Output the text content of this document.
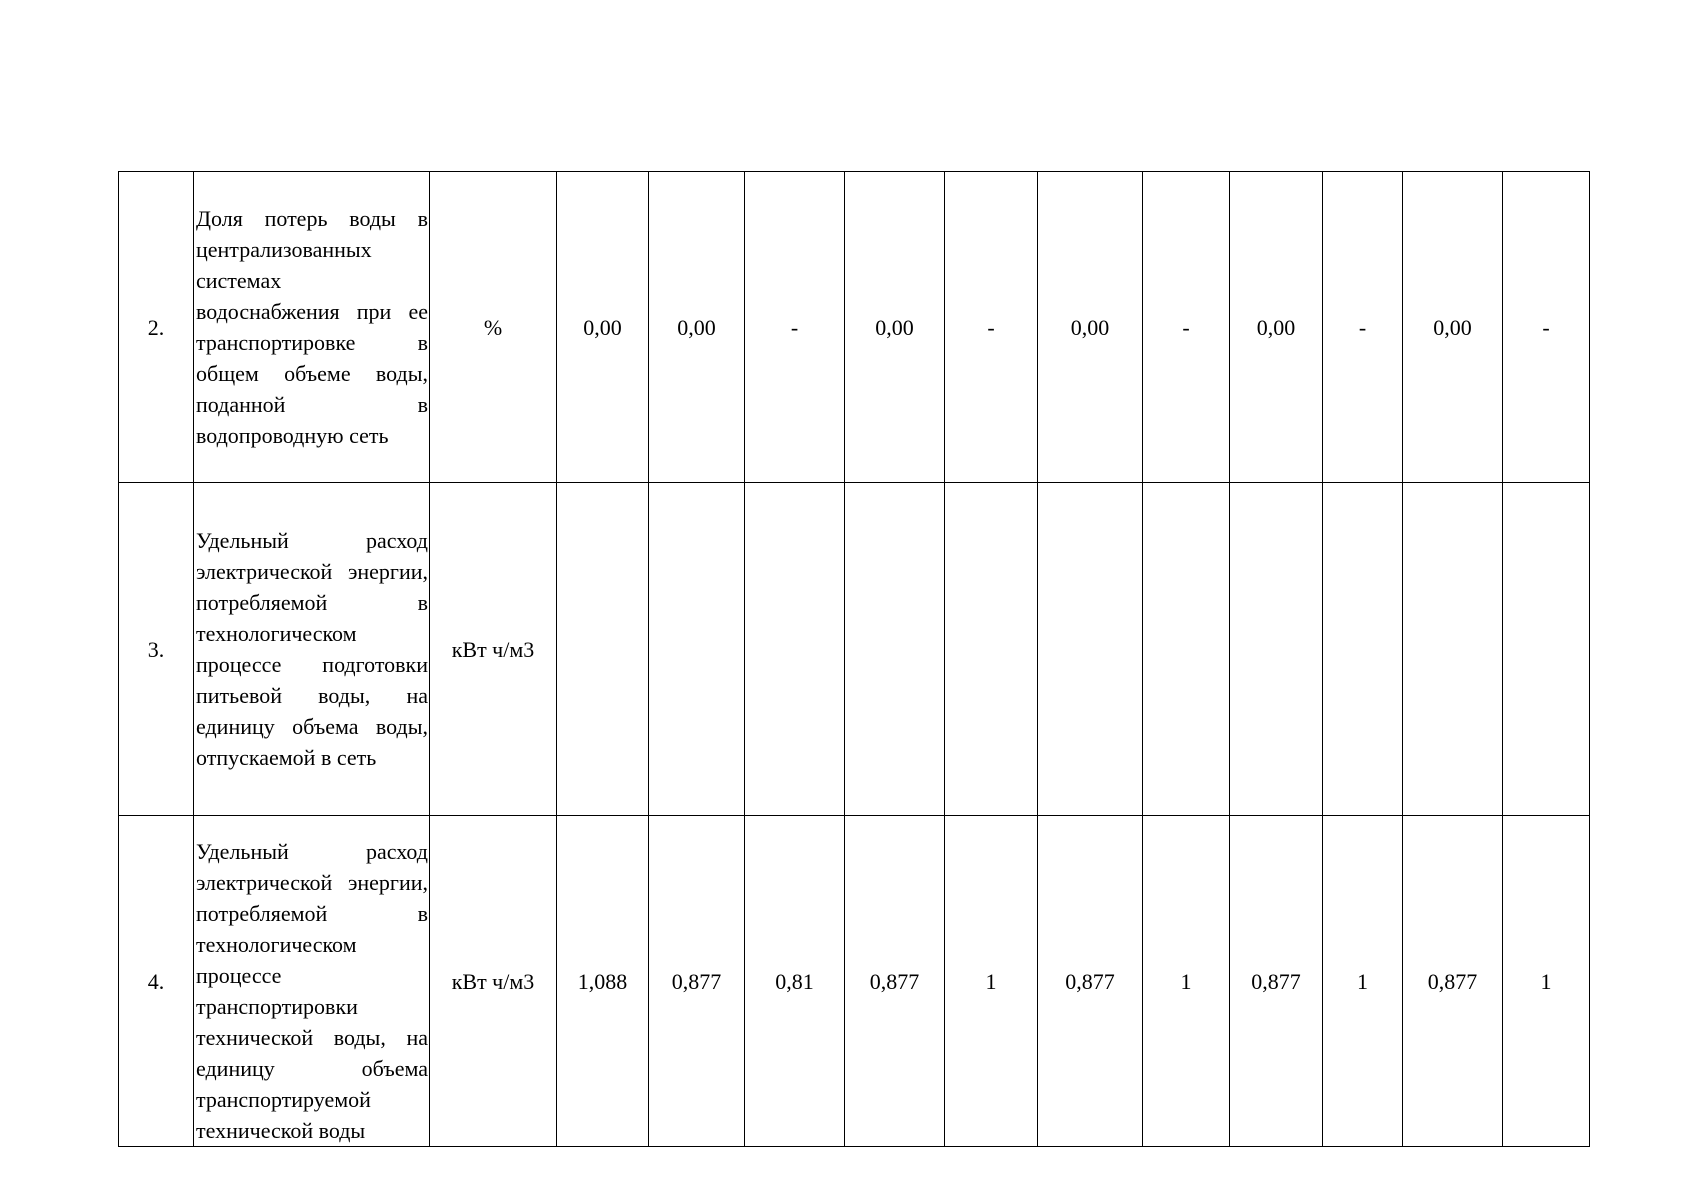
2.	Доля потерь воды в централизованных системах водоснабжения при ее транспортировке в общем объеме воды, поданной в водопроводную сеть	%	0,00	0,00	-	0,00	-	0,00	-	0,00	-	0,00	-
3.	Удельный расход электрической энергии, потребляемой в технологическом процессе подготовки питьевой воды, на единицу объема воды, отпускаемой в сеть	кВт ч/м3											
4.	Удельный расход электрической энергии, потребляемой в технологическом процессе транспортировки технической воды, на единицу объема транспортируемой технической воды	кВт ч/м3	1,088	0,877	0,81	0,877	1	0,877	1	0,877	1	0,877	1
